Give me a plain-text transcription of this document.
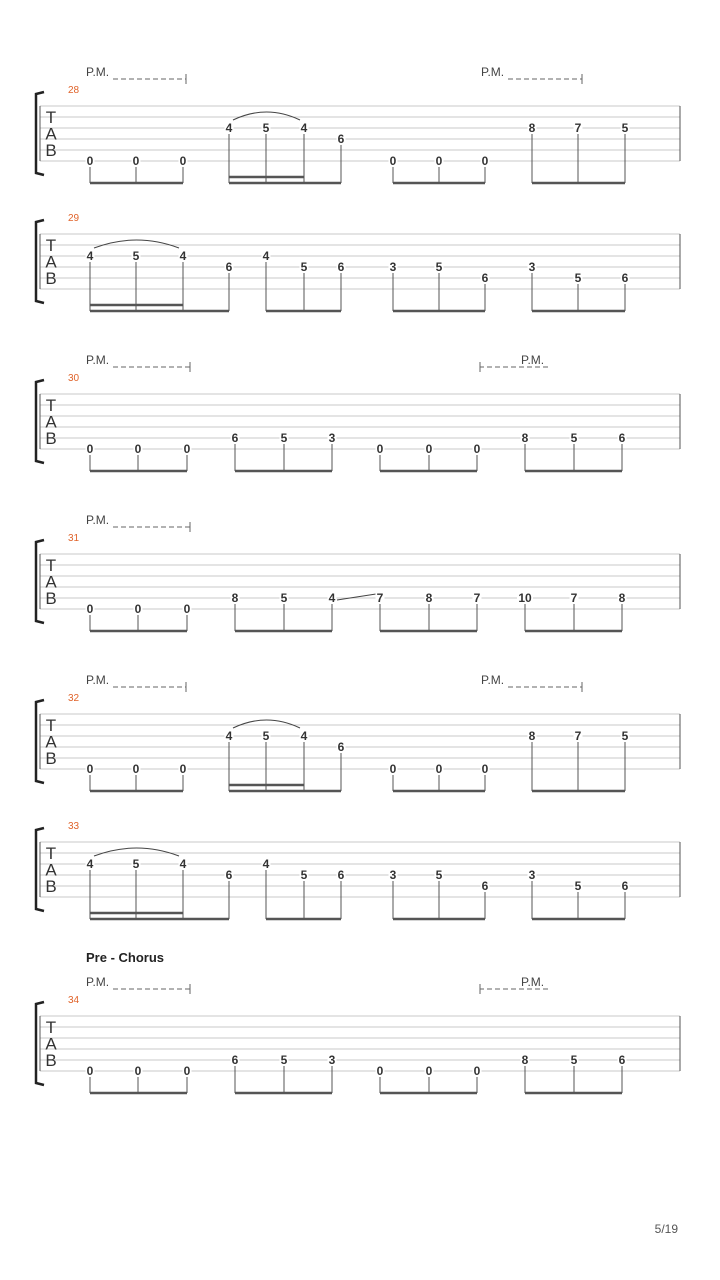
T
A
B
28
P.M.	P.M.
0	0	0
4	5	4
6
0	0	0
8	7	5
T
A
B
29
4	5	4
6
4
5	6	3	5
6
3
5	6
T
A
B
30
P.M.	P.M.
0	0	0
6	5	3
0	0	0
8	5	6
T
A
B
31
P.M.
0	0	0
8	5	4	7	8	7	10	7	8
T
A
B
32
P.M.	P.M.
0	0	0
4	5	4
6
0	0	0
8	7	5
T
A
B
33
4	5	4
6
4
5	6	3	5
6
3
5	6
T
A
B
34
Pre - Chorus
P.M.	P.M.
0	0	0
6	5	3
0	0	0
8	5	6
5/19
